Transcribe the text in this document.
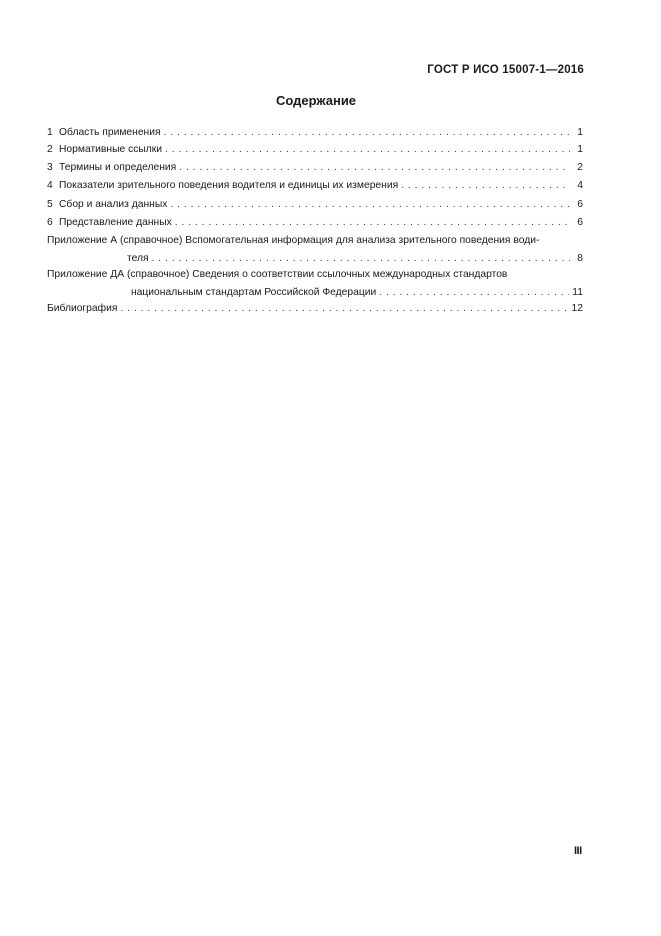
ГОСТ Р ИСО 15007-1—2016
Содержание
1 Область применения . . .	1
2 Нормативные ссылки . . .	1
3 Термины и определения . . .	2
4 Показатели зрительного поведения водителя и единицы их измерения . . .	4
5 Сбор и анализ данных . . .	6
6 Представление данных . . .	6
Приложение А (справочное) Вспомогательная информация для анализа зрительного поведения води-
теля . . .	8
Приложение ДА (справочное) Сведения о соответствии ссылочных международных стандартов
национальным стандартам Российской Федерации . . .	11
Библиография . . .	12
III
